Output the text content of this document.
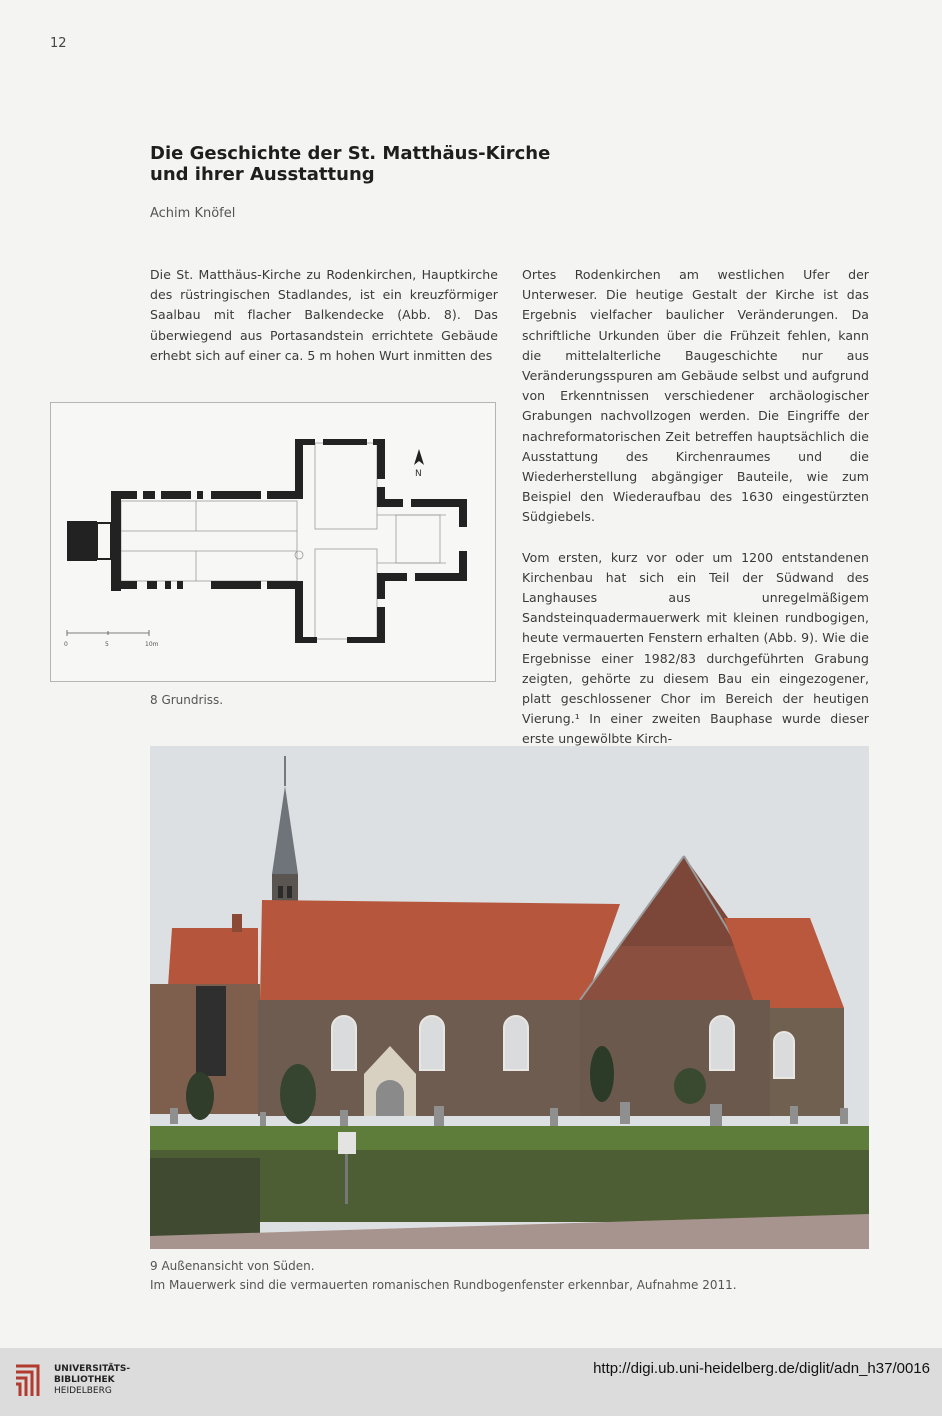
12
Die Geschichte der St. Matthäus-Kirche
und ihrer Ausstattung
Achim Knöfel

Die St. Matthäus-Kirche zu Rodenkirchen, Hauptkirche des rüstringischen Stadlandes, ist ein kreuzförmiger Saalbau mit flacher Balkendecke (Abb. 8). Das überwiegend aus Portasandstein errichtete Gebäude erhebt sich auf einer ca. 5 m hohen Wurt inmitten des

Ortes Rodenkirchen am westlichen Ufer der Unterweser. Die heutige Gestalt der Kirche ist das Ergebnis vielfacher baulicher Veränderungen. Da schriftliche Urkunden über die Frühzeit fehlen, kann die mittelalterliche Baugeschichte nur aus Veränderungsspuren am Gebäude selbst und aufgrund von Erkenntnissen verschiedener archäologischer Grabungen nachvollzogen werden. Die Eingriffe der nachreformatorischen Zeit betreffen hauptsächlich die Ausstattung des Kirchenraumes und die Wiederherstellung abgängiger Bauteile, wie zum Beispiel den Wiederaufbau des 1630 eingestürzten Südgiebels.

Vom ersten, kurz vor oder um 1200 entstandenen Kirchenbau hat sich ein Teil der Südwand des Langhauses aus unregelmäßigem Sandsteinquadermauerwerk mit kleinen rundbogigen, heute vermauerten Fenstern erhalten (Abb. 9). Wie die Ergebnisse einer 1982/83 durchgeführten Grabung zeigten, gehörte zu diesem Bau ein eingezogener, platt geschlossener Chor im Bereich der heutigen Vierung.¹ In einer zweiten Bauphase wurde dieser erste ungewölbte Kirch-

N
0	5	10m
8 Grundriss.
9 Außenansicht von Süden.
Im Mauerwerk sind die vermauerten romanischen Rundbogenfenster erkennbar, Aufnahme 2011.
UNIVERSITÄTS-
BIBLIOTHEK
HEIDELBERG
http://digi.ub.uni-heidelberg.de/diglit/adn_h37/0016
